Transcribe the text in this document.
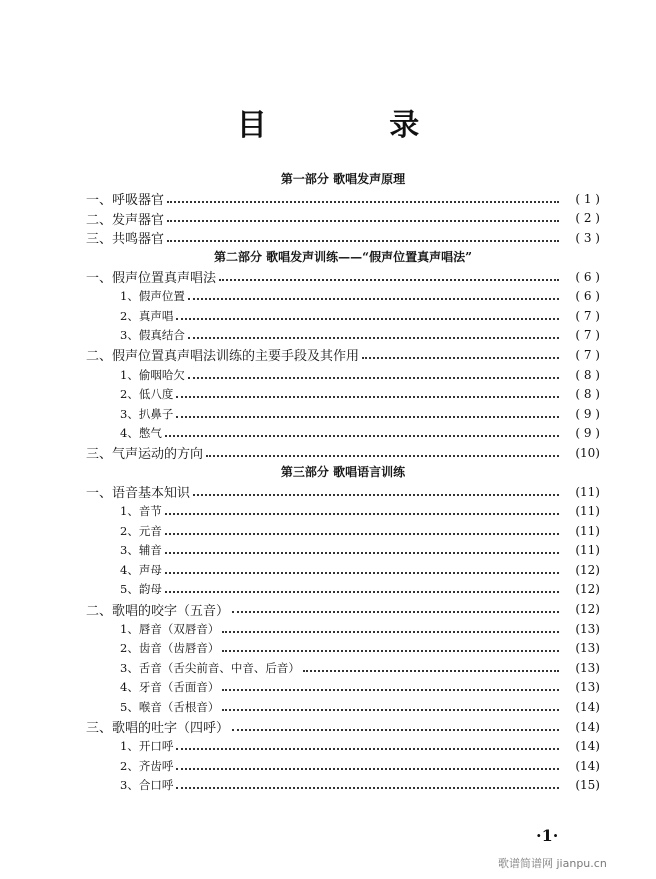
目 录
第一部分 歌唱发声原理
一、呼吸器官	( 1 )
二、发声器官	( 2 )
三、共鸣器官	( 3 )
第二部分 歌唱发声训练——“假声位置真声唱法”
一、假声位置真声唱法	( 6 )
1、假声位置	( 6 )
2、真声唱	( 7 )
3、假真结合	( 7 )
二、假声位置真声唱法训练的主要手段及其作用	( 7 )
1、偷咽哈欠	( 8 )
2、低八度	( 8 )
3、扒鼻子	( 9 )
4、憋气	( 9 )
三、气声运动的方向	(10)
第三部分 歌唱语言训练
一、语音基本知识	(11)
1、音节	(11)
2、元音	(11)
3、辅音	(11)
4、声母	(12)
5、韵母	(12)
二、歌唱的咬字（五音）	(12)
1、唇音（双唇音）	(13)
2、齿音（齿唇音）	(13)
3、舌音（舌尖前音、中音、后音）	(13)
4、牙音（舌面音）	(13)
5、喉音（舌根音）	(14)
三、歌唱的吐字（四呼）	(14)
1、开口呼	(14)
2、齐齿呼	(14)
3、合口呼	(15)
·1·
歌谱简谱网 jianpu.cn
